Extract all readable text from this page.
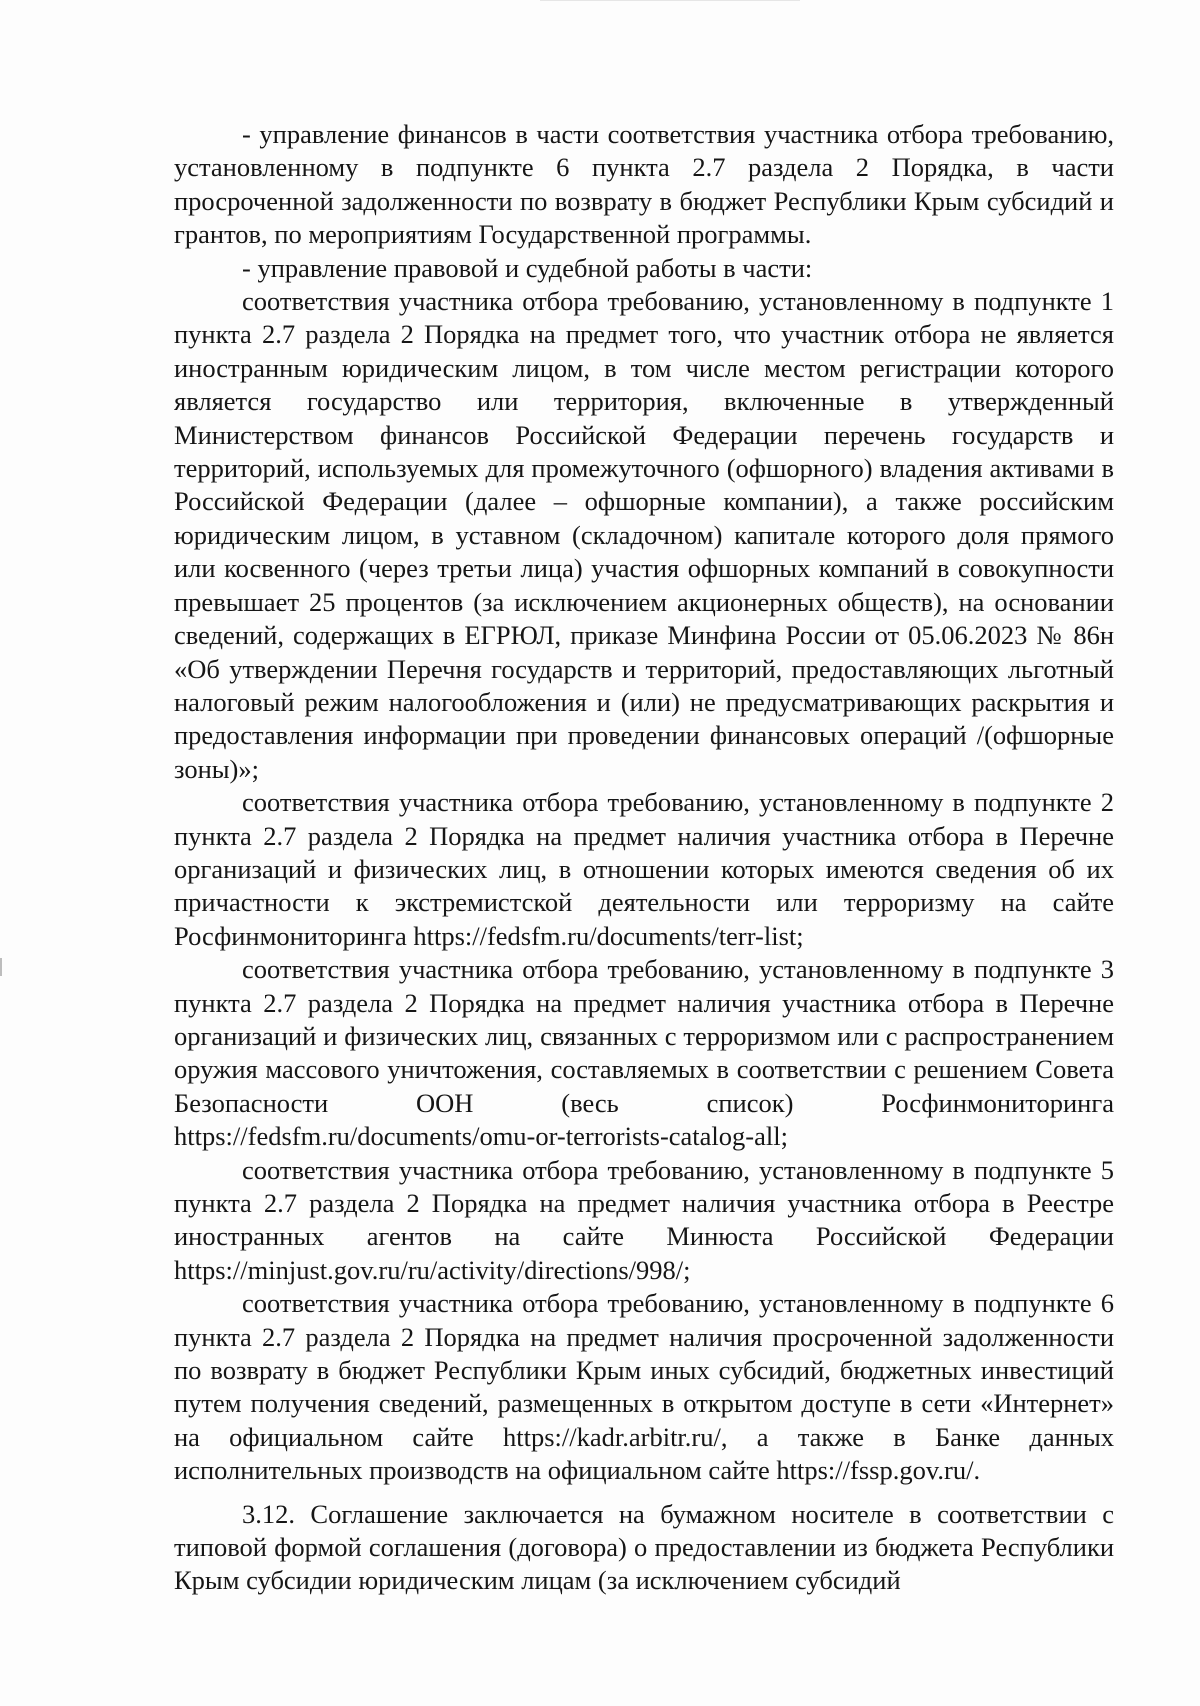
- управление финансов в части соответствия участника отбора требованию, установленному в подпункте 6 пункта 2.7 раздела 2 Порядка, в части просроченной задолженности по возврату в бюджет Республики Крым субсидий и грантов, по мероприятиям Государственной программы.

- управление правовой и судебной работы в части:

соответствия участника отбора требованию, установленному в подпункте 1 пункта 2.7 раздела 2 Порядка на предмет того, что участник отбора не является иностранным юридическим лицом, в том числе местом регистрации которого является государство или территория, включенные в утвержденный Министерством финансов Российской Федерации перечень государств и территорий, используемых для промежуточного (офшорного) владения активами в Российской Федерации (далее – офшорные компании), а также российским юридическим лицом, в уставном (складочном) капитале которого доля прямого или косвенного (через третьи лица) участия офшорных компаний в совокупности превышает 25 процентов (за исключением акционерных обществ), на основании сведений, содержащих в ЕГРЮЛ, приказе Минфина России от 05.06.2023 № 86н «Об утверждении Перечня государств и территорий, предоставляющих льготный налоговый режим налогообложения и (или) не предусматривающих раскрытия и предоставления информации при проведении финансовых операций /(офшорные зоны)»;

соответствия участника отбора требованию, установленному в подпункте 2 пункта 2.7 раздела 2 Порядка на предмет наличия участника отбора в Перечне организаций и физических лиц, в отношении которых имеются сведения об их причастности к экстремистской деятельности или терроризму на сайте Росфинмониторинга https://fedsfm.ru/documents/terr-list;

соответствия участника отбора требованию, установленному в подпункте 3 пункта 2.7 раздела 2 Порядка на предмет наличия участника отбора в Перечне организаций и физических лиц, связанных с терроризмом или с распространением оружия массового уничтожения, составляемых в соответствии с решением Совета Безопасности ООН (весь список) Росфинмониторинга https://fedsfm.ru/documents/omu-or-terrorists-catalog-all;

соответствия участника отбора требованию, установленному в подпункте 5 пункта 2.7 раздела 2 Порядка на предмет наличия участника отбора в Реестре иностранных агентов на сайте Минюста Российской Федерации https://minjust.gov.ru/ru/activity/directions/998/;

соответствия участника отбора требованию, установленному в подпункте 6 пункта 2.7 раздела 2 Порядка на предмет наличия просроченной задолженности по возврату в бюджет Республики Крым иных субсидий, бюджетных инвестиций путем получения сведений, размещенных в открытом доступе в сети «Интернет» на официальном сайте https://kadr.arbitr.ru/, а также в Банке данных исполнительных производств на официальном сайте https://fssp.gov.ru/.

3.12. Соглашение заключается на бумажном носителе в соответствии с типовой формой соглашения (договора) о предоставлении из бюджета Республики Крым субсидии юридическим лицам (за исключением субсидий
